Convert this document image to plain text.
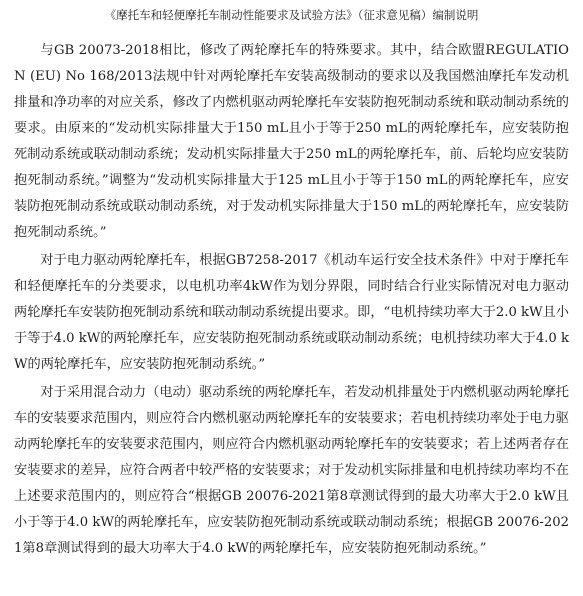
《摩托车和轻便摩托车制动性能要求及试验方法》（征求意见稿）编制说明

与GB 20073-2018相比，修改了两轮摩托车的特殊要求。其中，结合欧盟REGULATION (EU) No 168/2013法规中针对两轮摩托车安装高级制动的要求以及我国燃油摩托车发动机排量和净功率的对应关系，修改了内燃机驱动两轮摩托车安装防抱死制动系统和联动制动系统的要求。由原来的“发动机实际排量大于150 mL且小于等于250 mL的两轮摩托车，应安装防抱死制动系统或联动制动系统；发动机实际排量大于250 mL的两轮摩托车，前、后轮均应安装防抱死制动系统。”调整为“发动机实际排量大于125 mL且小于等于150 mL的两轮摩托车，应安装防抱死制动系统或联动制动系统，对于发动机实际排量大于150 mL的两轮摩托车，应安装防抱死制动系统。”

对于电力驱动两轮摩托车，根据GB7258-2017《机动车运行安全技术条件》中对于摩托车和轻便摩托车的分类要求，以电机功率4kW作为划分界限，同时结合行业实际情况对电力驱动两轮摩托车安装防抱死制动系统和联动制动系统提出要求。即，“电机持续功率大于2.0 kW且小于等于4.0 kW的两轮摩托车，应安装防抱死制动系统或联动制动系统；电机持续功率大于4.0 kW的两轮摩托车，应安装防抱死制动系统。”

对于采用混合动力（电动）驱动系统的两轮摩托车，若发动机排量处于内燃机驱动两轮摩托车的安装要求范围内，则应符合内燃机驱动两轮摩托车的安装要求；若电机持续功率处于电力驱动两轮摩托车的安装要求范围内，则应符合内燃机驱动两轮摩托车的安装要求；若上述两者存在安装要求的差异，应符合两者中较严格的安装要求；对于发动机实际排量和电机持续功率均不在上述要求范围内的，则应符合“根据GB 20076-2021第8章测试得到的最大功率大于2.0 kW且小于等于4.0 kW的两轮摩托车，应安装防抱死制动系统或联动制动系统；根据GB 20076-2021第8章测试得到的最大功率大于4.0 kW的两轮摩托车，应安装防抱死制动系统。”
